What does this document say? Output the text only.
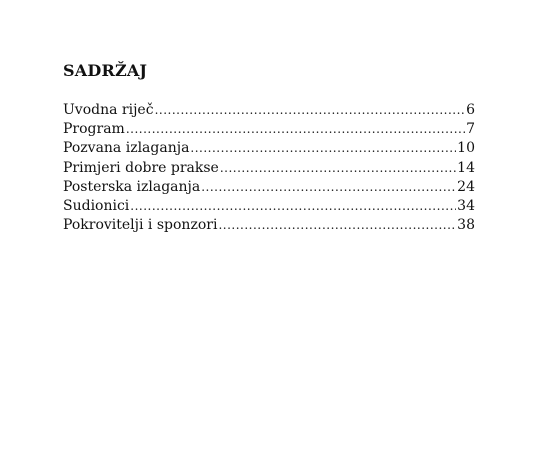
SADRŽAJ
Uvodna riječ .....	6
Program .....	7
Pozvana izlaganja .....	10
Primjeri dobre prakse .....	14
Posterska izlaganja .....	24
Sudionici .....	34
Pokrovitelji i sponzori .....	38
